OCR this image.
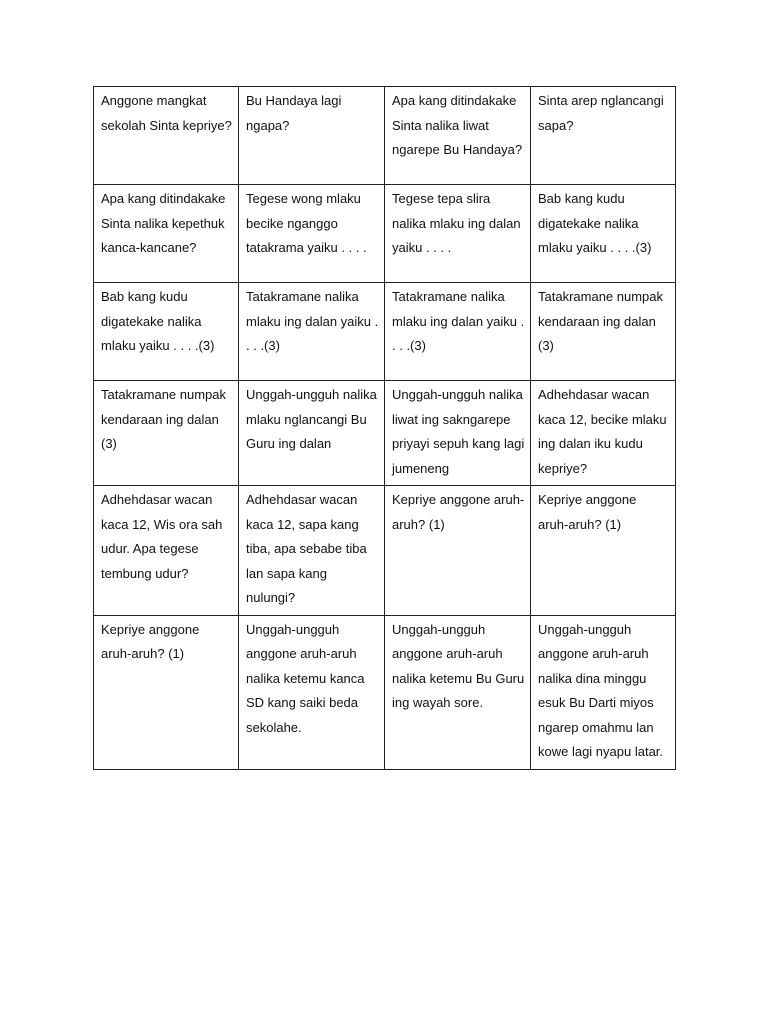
Anggone mangkat sekolah Sinta kepriye?	Bu Handaya lagi ngapa?	Apa kang ditindakake Sinta nalika liwat ngarepe Bu Handaya?	Sinta arep nglancangi sapa?
Apa kang ditindakake Sinta nalika kepethuk kanca-kancane?	Tegese wong mlaku becike nganggo tatakrama yaiku . . . .	Tegese tepa slira nalika mlaku ing dalan yaiku . . . .	Bab kang kudu digatekake nalika mlaku yaiku . . . .(3)
Bab kang kudu digatekake nalika mlaku yaiku . . . .(3)	Tatakramane nalika mlaku ing dalan yaiku . . . .(3)	Tatakramane nalika mlaku ing dalan yaiku . . . .(3)	Tatakramane numpak kendaraan ing dalan (3)
Tatakramane numpak kendaraan ing dalan (3)	Unggah-ungguh nalika mlaku nglancangi Bu Guru ing dalan	Unggah-ungguh nalika liwat ing sakngarepe priyayi sepuh kang lagi jumeneng	Adhehdasar wacan kaca 12, becike mlaku ing dalan iku kudu kepriye?
Adhehdasar wacan kaca 12, Wis ora sah udur. Apa tegese tembung udur?	Adhehdasar wacan kaca 12, sapa kang tiba, apa sebabe tiba lan sapa kang nulungi?	Kepriye anggone aruh-aruh? (1)	Kepriye anggone aruh-aruh? (1)
Kepriye anggone aruh-aruh? (1)	Unggah-ungguh anggone aruh-aruh nalika ketemu kanca SD kang saiki beda sekolahe.	Unggah-ungguh anggone aruh-aruh nalika ketemu Bu Guru ing wayah sore.	Unggah-ungguh anggone aruh-aruh nalika dina minggu esuk Bu Darti miyos ngarep omahmu lan kowe lagi nyapu latar.
